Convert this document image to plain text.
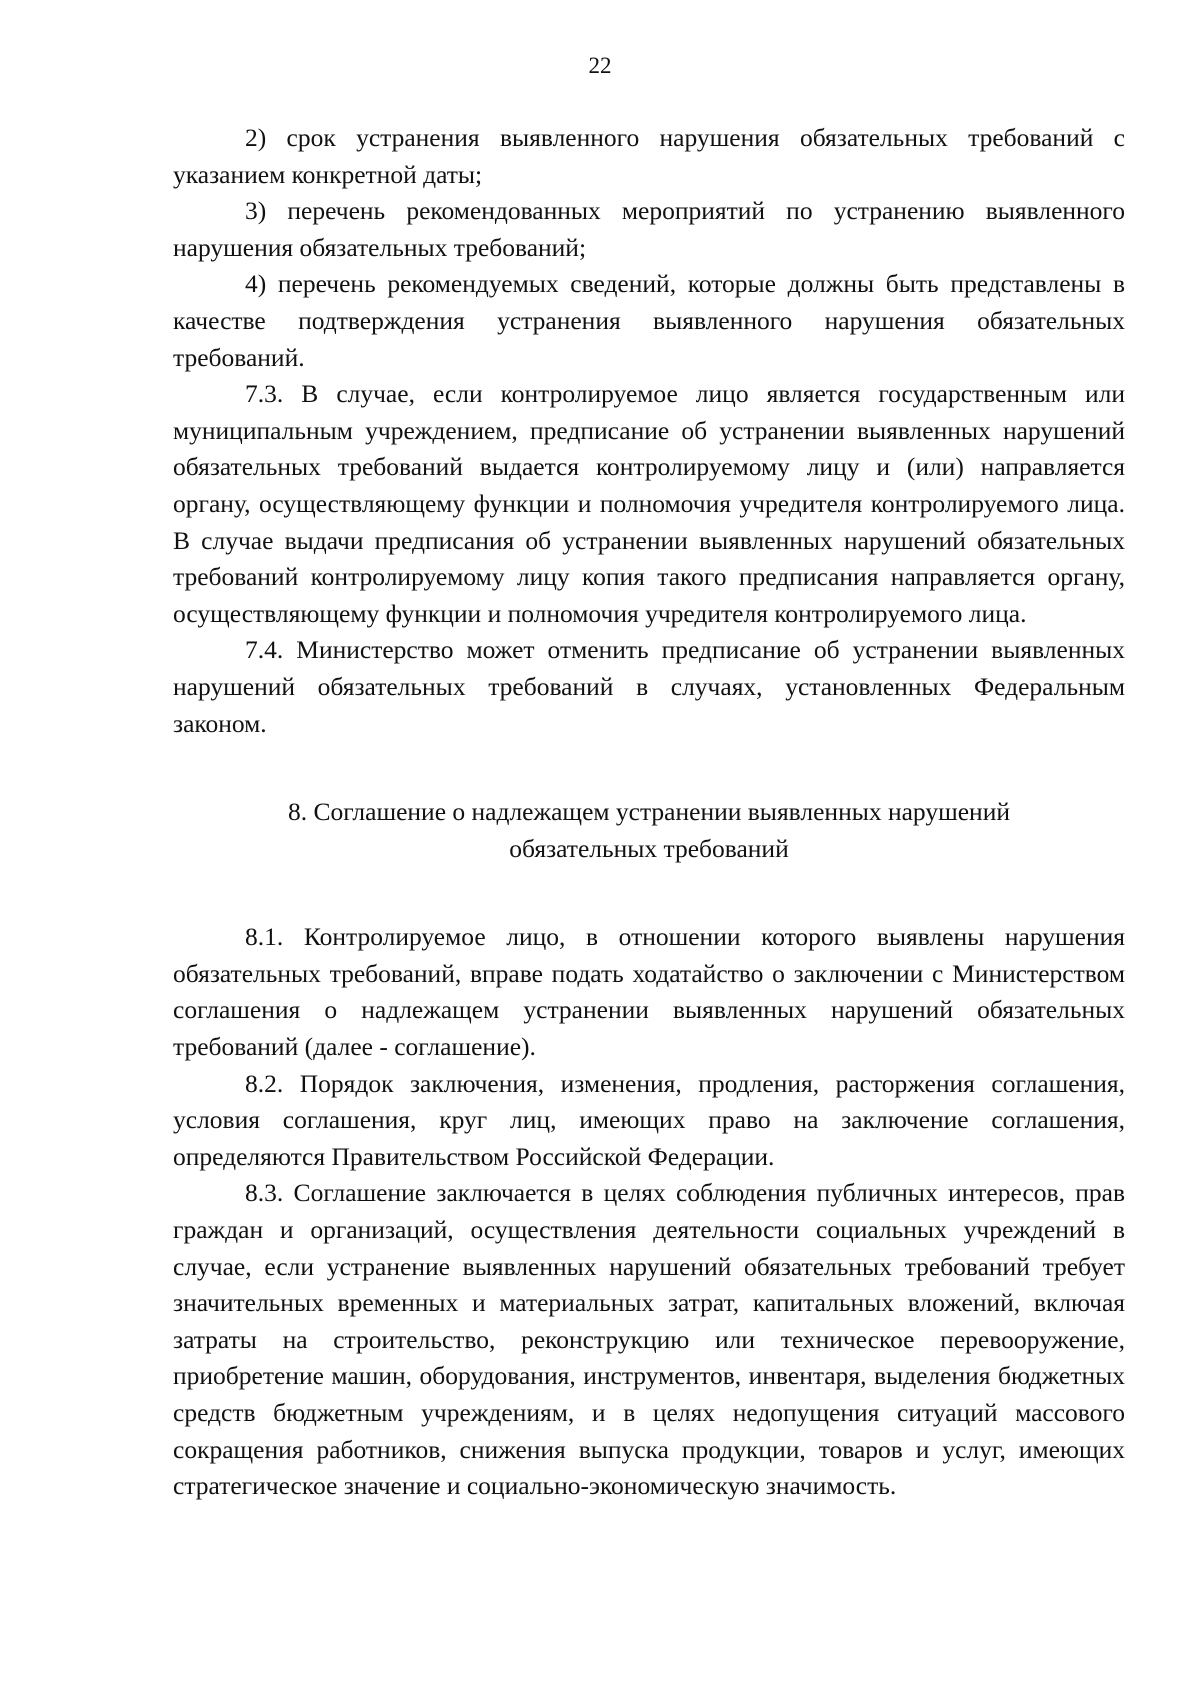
22

2) срок устранения выявленного нарушения обязательных требований с указанием конкретной даты;

3) перечень рекомендованных мероприятий по устранению выявленного нарушения обязательных требований;

4) перечень рекомендуемых сведений, которые должны быть представлены в качестве подтверждения устранения выявленного нарушения обязательных требований.

7.3. В случае, если контролируемое лицо является государственным или муниципальным учреждением, предписание об устранении выявленных нарушений обязательных требований выдается контролируемому лицу и (или) направляется органу, осуществляющему функции и полномочия учредителя контролируемого лица. В случае выдачи предписания об устранении выявленных нарушений обязательных требований контролируемому лицу копия такого предписания направляется органу, осуществляющему функции и полномочия учредителя контролируемого лица.

7.4. Министерство может отменить предписание об устранении выявленных нарушений обязательных требований в случаях, установленных Федеральным законом.

8. Соглашение о надлежащем устранении выявленных нарушений
обязательных требований

8.1. Контролируемое лицо, в отношении которого выявлены нарушения обязательных требований, вправе подать ходатайство о заключении с Министерством соглашения о надлежащем устранении выявленных нарушений обязательных требований (далее - соглашение).

8.2. Порядок заключения, изменения, продления, расторжения соглашения, условия соглашения, круг лиц, имеющих право на заключение соглашения, определяются Правительством Российской Федерации.

8.3. Соглашение заключается в целях соблюдения публичных интересов, прав граждан и организаций, осуществления деятельности социальных учреждений в случае, если устранение выявленных нарушений обязательных требований требует значительных временных и материальных затрат, капитальных вложений, включая затраты на строительство, реконструкцию или техническое перевооружение, приобретение машин, оборудования, инструментов, инвентаря, выделения бюджетных средств бюджетным учреждениям, и в целях недопущения ситуаций массового сокращения работников, снижения выпуска продукции, товаров и услуг, имеющих стратегическое значение и социально-экономическую значимость.
